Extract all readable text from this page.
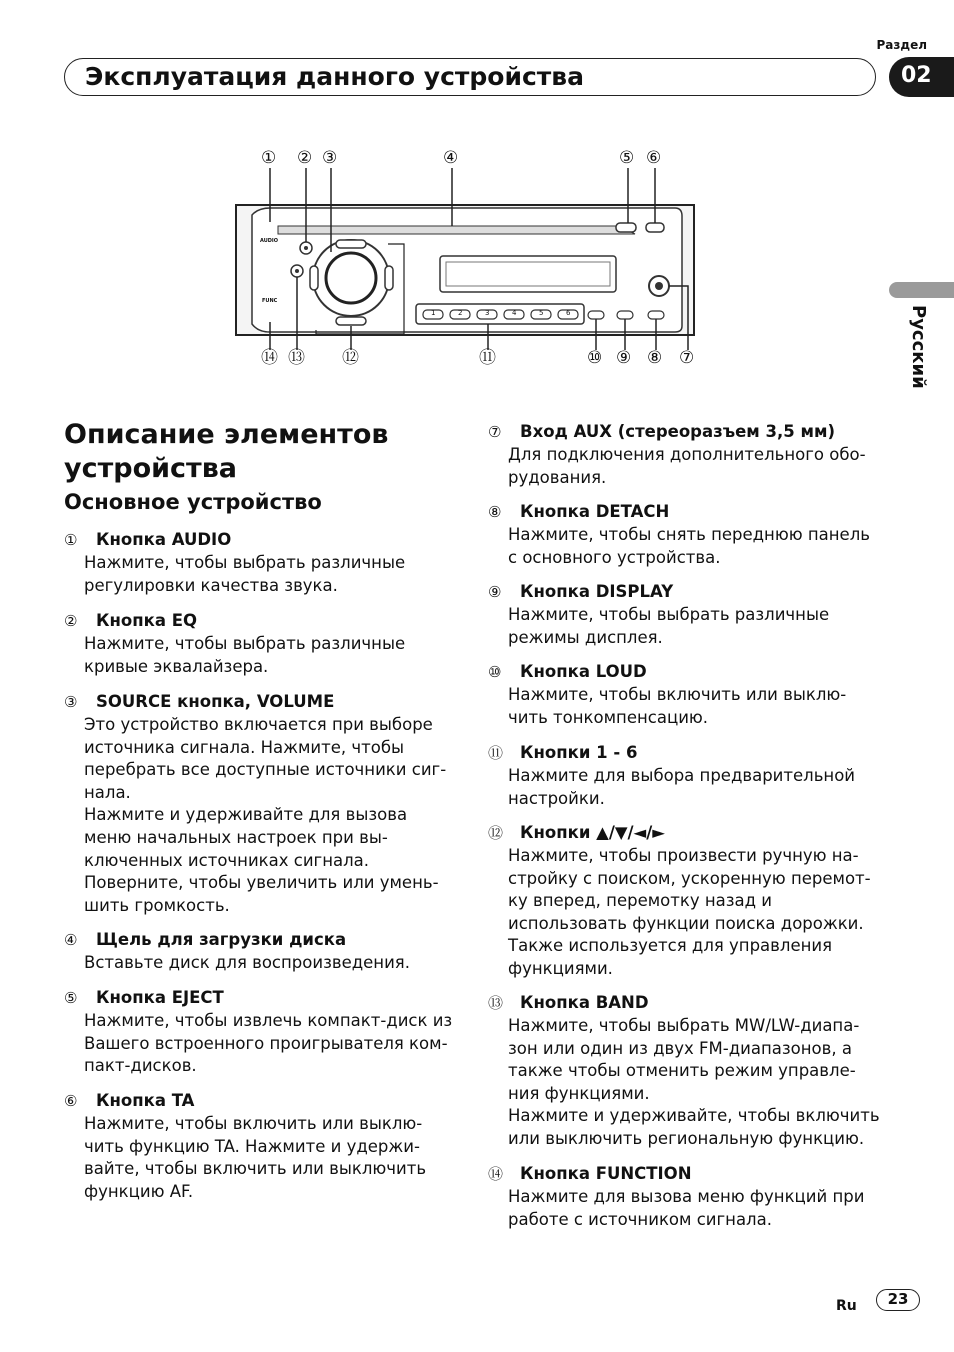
Раздел
Эксплуатация данного устройства	02
Русский
AUDIO
FUNC
1	2	3	4	5	6
① ② ③	④	⑤ ⑥
⑦
⑧
⑨
⑩
⑪
⑫
⑬
⑭
Описание элементов устройства
Основное устройство
① Кнопка AUDIO
Нажмите, чтобы выбрать различные
регулировки качества звука.
② Кнопка EQ
Нажмите, чтобы выбрать различные
кривые эквалайзера.
③ SOURCE кнопка, VOLUME
Это устройство включается при выборе
источника сигнала. Нажмите, чтобы
перебрать все доступные источники сиг-
нала.
Нажмите и удерживайте для вызова
меню начальных настроек при вы-
ключенных источниках сигнала.
Поверните, чтобы увеличить или умень-
шить громкость.
④ Щель для загрузки диска
Вставьте диск для воспроизведения.
⑤ Кнопка EJECT
Нажмите, чтобы извлечь компакт-диск из
Вашего встроенного проигрывателя ком-
пакт-дисков.
⑥ Кнопка TA
Нажмите, чтобы включить или выклю-
чить функцию TA. Нажмите и удержи-
вайте, чтобы включить или выключить
функцию AF.
⑦ Вход AUX (стереоразъем 3,5 мм)
Для подключения дополнительного обо-
рудования.
⑧ Кнопка DETACH
Нажмите, чтобы снять переднюю панель
с основного устройства.
⑨ Кнопка DISPLAY
Нажмите, чтобы выбрать различные
режимы дисплея.
⑩ Кнопка LOUD
Нажмите, чтобы включить или выклю-
чить тонкомпенсацию.
⑪ Кнопки 1 - 6
Нажмите для выбора предварительной
настройки.
⑫ Кнопки ▲/▼/◄/►
Нажмите, чтобы произвести ручную на-
стройку с поиском, ускоренную перемот-
ку вперед, перемотку назад и
использовать функции поиска дорожки.
Также используется для управления
функциями.
⑬ Кнопка BAND
Нажмите, чтобы выбрать MW/LW-диапа-
зон или один из двух FM-диапазонов, а
также чтобы отменить режим управле-
ния функциями.
Нажмите и удерживайте, чтобы включить
или выключить региональную функцию.
⑭ Кнопка FUNCTION
Нажмите для вызова меню функций при
работе с источником сигнала.
Ru	23
